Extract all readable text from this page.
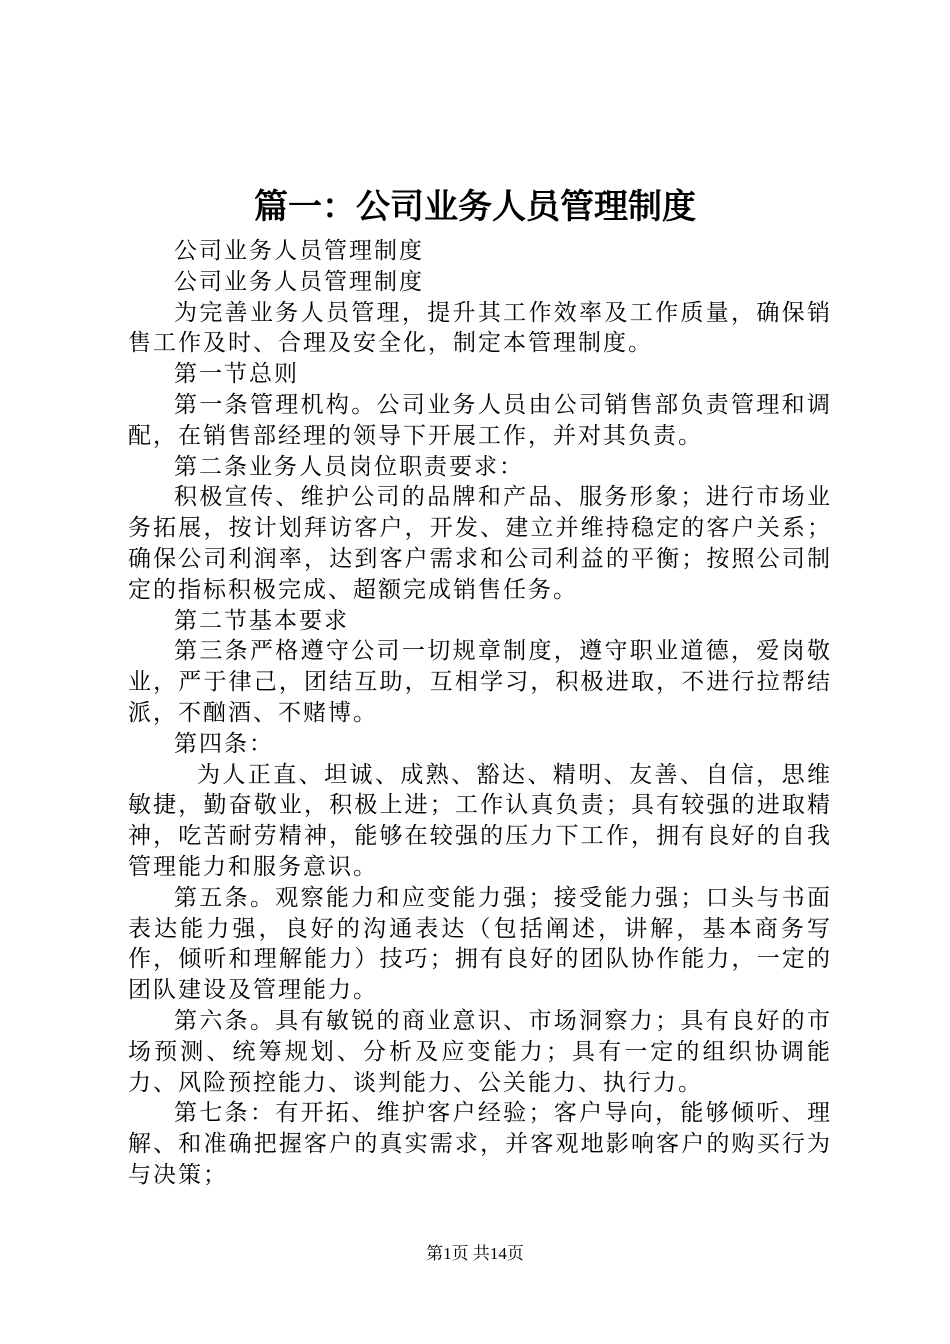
篇一：公司业务人员管理制度

公司业务人员管理制度

公司业务人员管理制度

为完善业务人员管理，提升其工作效率及工作质量，确保销售工作及时、合理及安全化，制定本管理制度。

第一节总则

第一条管理机构。公司业务人员由公司销售部负责管理和调配，在销售部经理的领导下开展工作，并对其负责。

第二条业务人员岗位职责要求：

积极宣传、维护公司的品牌和产品、服务形象；进行市场业务拓展，按计划拜访客户，开发、建立并维持稳定的客户关系；确保公司利润率，达到客户需求和公司利益的平衡；按照公司制定的指标积极完成、超额完成销售任务。

第二节基本要求

第三条严格遵守公司一切规章制度，遵守职业道德，爱岗敬业，严于律己，团结互助，互相学习，积极进取，不进行拉帮结派，不酗酒、不赌博。

第四条：

为人正直、坦诚、成熟、豁达、精明、友善、自信，思维敏捷，勤奋敬业，积极上进；工作认真负责；具有较强的进取精神，吃苦耐劳精神，能够在较强的压力下工作，拥有良好的自我管理能力和服务意识。

第五条。观察能力和应变能力强；接受能力强；口头与书面表达能力强，良好的沟通表达（包括阐述，讲解，基本商务写作，倾听和理解能力）技巧；拥有良好的团队协作能力，一定的团队建设及管理能力。

第六条。具有敏锐的商业意识、市场洞察力；具有良好的市场预测、统筹规划、分析及应变能力；具有一定的组织协调能力、风险预控能力、谈判能力、公关能力、执行力。

第七条：有开拓、维护客户经验；客户导向，能够倾听、理解、和准确把握客户的真实需求，并客观地影响客户的购买行为与决策；

第1页 共14页
